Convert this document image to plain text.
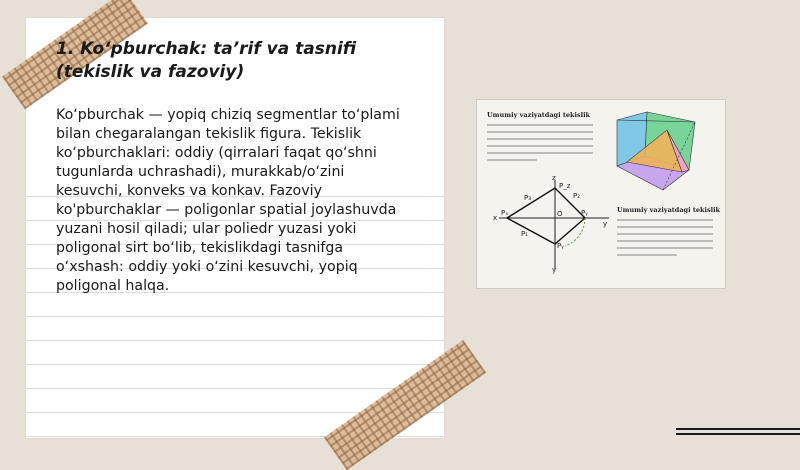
1. Ko‘pburchak: ta’rif va tasnifi (tekislik va fazoviy)

Ko‘pburchak — yopiq chiziq segmentlar to‘plami bilan chegaralangan tekislik figura. Tekislik ko‘pburchaklari: oddiy (qirralari faqat qo‘shni tugunlarda uchrashadi), murakkab/o‘zini kesuvchi, konveks va konkav. Fazoviy ko'pburchaklar — poligonlar spatial joylashuvda yuzani hosil qiladi; ular poliedr yuzasi yoki poligonal sirt bo‘lib, tekislikdagi tasnifga o‘xshash: oddiy yoki o‘zini kesuvchi, yopiq poligonal halqa.

Umumiy vaziyatdagi tekislik
z
x
y
y
O
P_z
Pₓ	Pᵧ
Pᵧ
P₃	P₂
P₁
Umumiy vaziyatdagi tekislik
